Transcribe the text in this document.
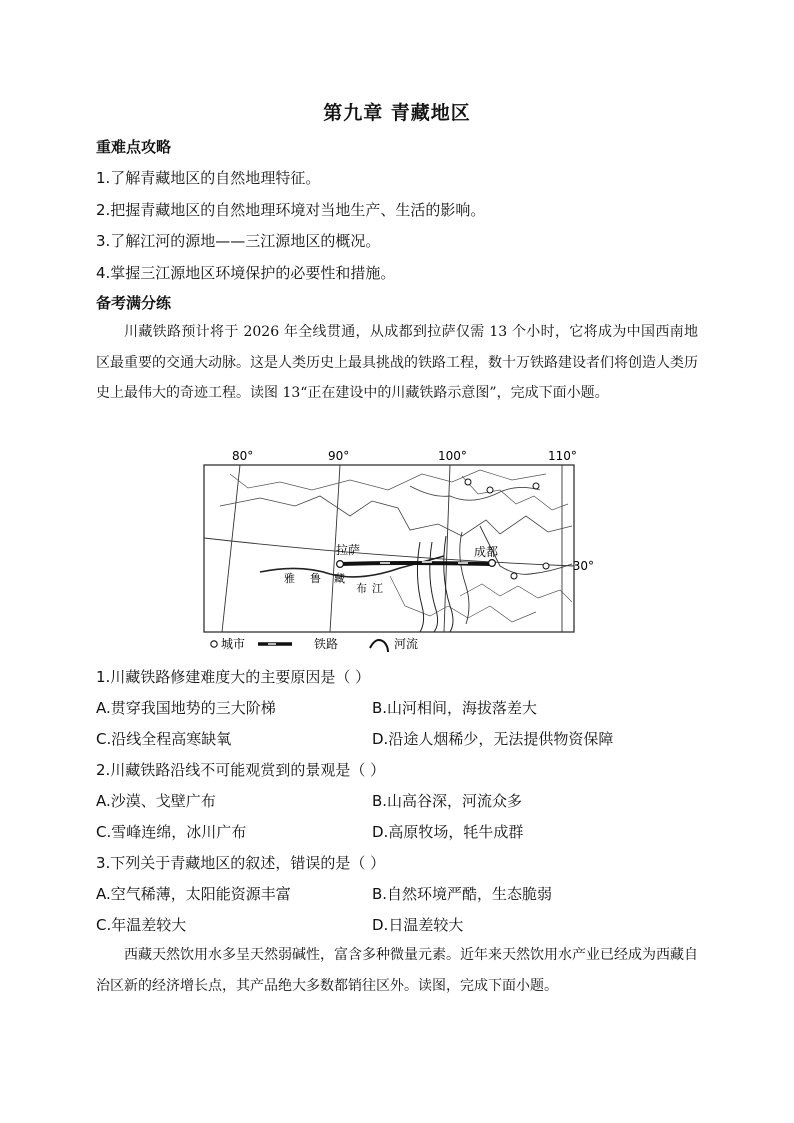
第九章 青藏地区
重难点攻略
1.了解青藏地区的自然地理特征。
2.把握青藏地区的自然地理环境对当地生产、生活的影响。
3.了解江河的源地——三江源地区的概况。
4.掌握三江源地区环境保护的必要性和措施。
备考满分练

川藏铁路预计将于 2026 年全线贯通，从成都到拉萨仅需 13 个小时，它将成为中国西南地区最重要的交通大动脉。这是人类历史上最具挑战的铁路工程，数十万铁路建设者们将创造人类历史上最伟大的奇迹工程。读图 13“正在建设中的川藏铁路示意图”，完成下面小题。

80°	90°	100°	110°
拉萨	成都
30°
雅 鲁 藏
布 江
城市	铁路	河流
1.川藏铁路修建难度大的主要原因是（ ）
A.贯穿我国地势的三大阶梯	B.山河相间，海拔落差大
C.沿线全程高寒缺氧	D.沿途人烟稀少，无法提供物资保障
2.川藏铁路沿线不可能观赏到的景观是（ ）
A.沙漠、戈壁广布	B.山高谷深，河流众多
C.雪峰连绵，冰川广布	D.高原牧场，牦牛成群
3.下列关于青藏地区的叙述，错误的是（ ）
A.空气稀薄，太阳能资源丰富	B.自然环境严酷，生态脆弱
C.年温差较大	D.日温差较大

西藏天然饮用水多呈天然弱碱性，富含多种微量元素。近年来天然饮用水产业已经成为西藏自治区新的经济增长点，其产品绝大多数都销往区外。读图，完成下面小题。
